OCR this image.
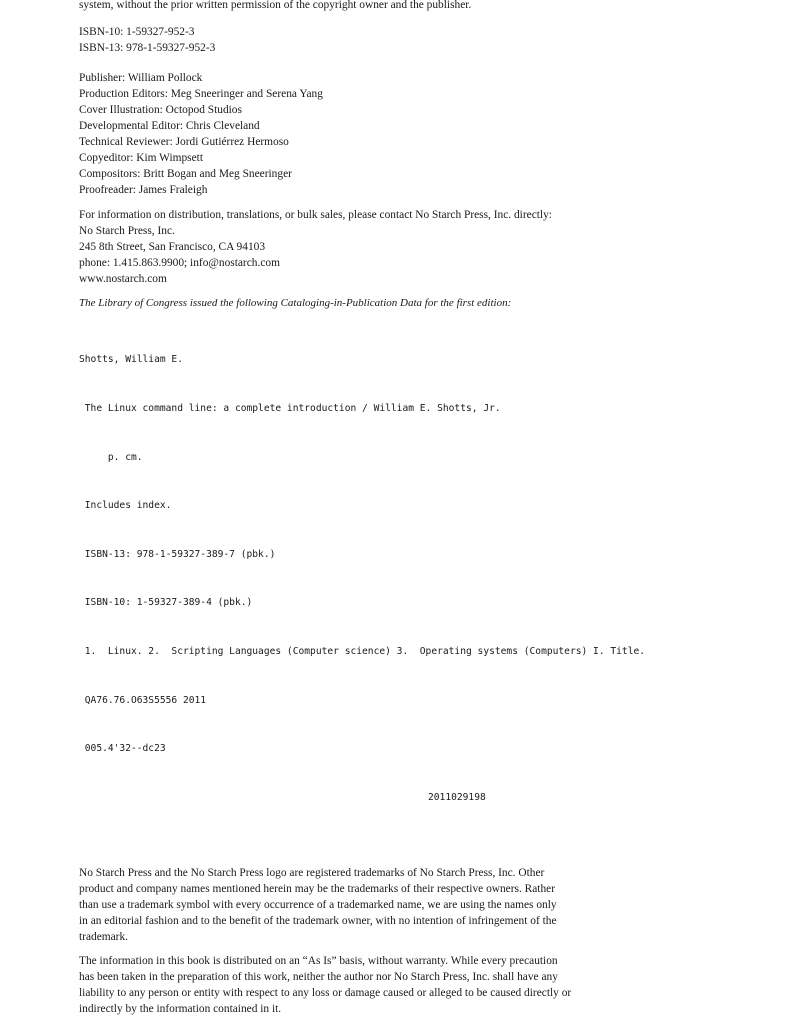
system, without the prior written permission of the copyright owner and the publisher.
ISBN-10: 1-59327-952-3
ISBN-13: 978-1-59327-952-3
Publisher: William Pollock
Production Editors: Meg Sneeringer and Serena Yang
Cover Illustration: Octopod Studios
Developmental Editor: Chris Cleveland
Technical Reviewer: Jordi Gutiérrez Hermoso
Copyeditor: Kim Wimpsett
Compositors: Britt Bogan and Meg Sneeringer
Proofreader: James Fraleigh
For information on distribution, translations, or bulk sales, please contact No Starch Press, Inc. directly:
No Starch Press, Inc.
245 8th Street, San Francisco, CA 94103
phone: 1.415.863.9900; info@nostarch.com
www.nostarch.com
The Library of Congress issued the following Cataloging-in-Publication Data for the first edition:

Shotts, William E.

The Linux command line: a complete introduction / William E. Shotts, Jr.

p. cm.

Includes index.

ISBN-13: 978-1-59327-389-7 (pbk.)

ISBN-10: 1-59327-389-4 (pbk.)

1.  Linux. 2.  Scripting Languages (Computer science) 3.  Operating systems (Computers) I. Title.

QA76.76.O63S5556 2011

005.4'32--dc23

2011029198

No Starch Press and the No Starch Press logo are registered trademarks of No Starch Press, Inc. Other
product and company names mentioned herein may be the trademarks of their respective owners. Rather
than use a trademark symbol with every occurrence of a trademarked name, we are using the names only
in an editorial fashion and to the benefit of the trademark owner, with no intention of infringement of the
trademark.
The information in this book is distributed on an “As Is” basis, without warranty. While every precaution
has been taken in the preparation of this work, neither the author nor No Starch Press, Inc. shall have any
liability to any person or entity with respect to any loss or damage caused or alleged to be caused directly or
indirectly by the information contained in it.
